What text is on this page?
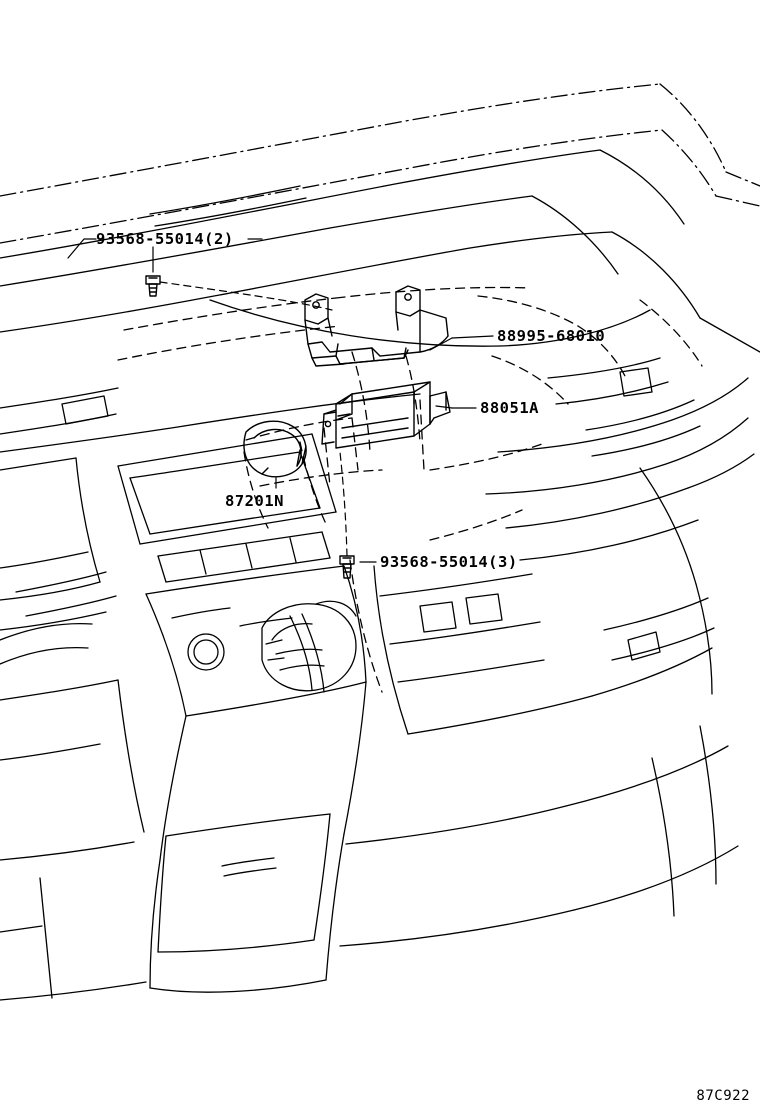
93568-55014(2)
88995-68010
88051A
87201N
93568-55014(3)
87C922
